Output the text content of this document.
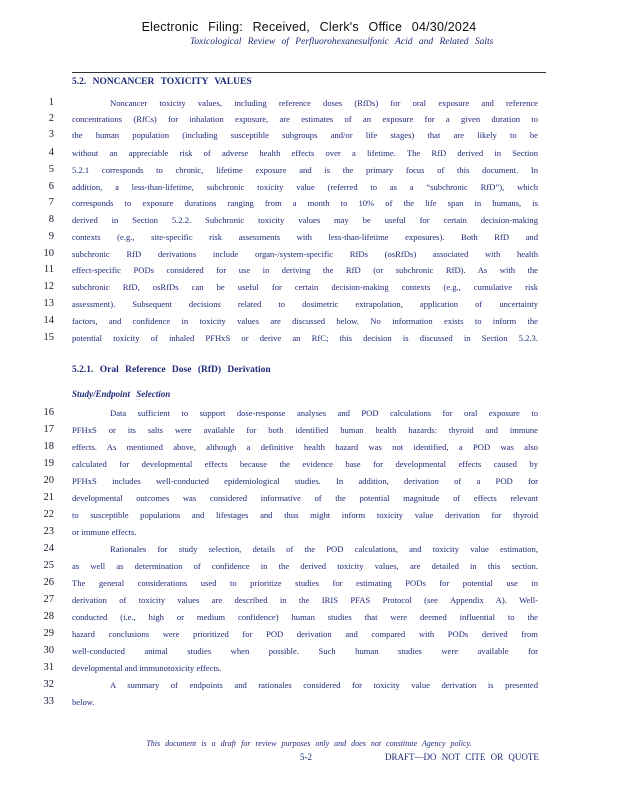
Electronic Filing: Received, Clerk's Office 04/30/2024
Toxicological Review of Perfluorohexanesulfonic Acid and Related Salts
5.2. NONCANCER TOXICITY VALUES
1	Noncancer toxicity values, including reference doses (RfDs) for oral exposure and reference
2 concentrations (RfCs) for inhalation exposure, are estimates of an exposure for a given duration to
3 the human population (including susceptible subgroups and/or life stages) that are likely to be
4 without an appreciable risk of adverse health effects over a lifetime. The RfD derived in Section
5 5.2.1 corresponds to chronic, lifetime exposure and is the primary focus of this document. In
6 addition, a less-than-lifetime, subchronic toxicity value (referred to as a “subchronic RfD”), which
7 corresponds to exposure durations ranging from a month to 10% of the life span in humans, is
8 derived in Section 5.2.2. Subchronic toxicity values may be useful for certain decision-making
9 contexts (e.g., site-specific risk assessments with less-than-lifetime exposures). Both RfD and
10 subchronic RfD derivations include organ-/system-specific RfDs (osRfDs) associated with health
11 effect-specific PODs considered for use in deriving the RfD (or subchronic RfD). As with the
12 subchronic RfD, osRfDs can be useful for certain decision-making contexts (e.g., cumulative risk
13 assessment). Subsequent decisions related to dosimetric extrapolation, application of uncertainty
14 factors, and confidence in toxicity values are discussed below. No information exists to inform the
15 potential toxicity of inhaled PFHxS or derive an RfC; this decision is discussed in Section 5.2.3.
5.2.1. Oral Reference Dose (RfD) Derivation
Study/Endpoint Selection
16	Data sufficient to support dose-response analyses and POD calculations for oral exposure to
17 PFHxS or its salts were available for both identified human health hazards: thyroid and immune
18 effects. As mentioned above, although a definitive health hazard was not identified, a POD was also
19 calculated for developmental effects because the evidence base for developmental effects caused by
20 PFHxS includes well-conducted epidemiological studies. In addition, derivation of a POD for
21 developmental outcomes was considered informative of the potential magnitude of effects relevant
22 to susceptible populations and lifestages and thus might inform toxicity value derivation for thyroid
23 or immune effects.
24	Rationales for study selection, details of the POD calculations, and toxicity value estimation,
25 as well as determination of confidence in the derived toxicity values, are detailed in this section.
26 The general considerations used to prioritize studies for estimating PODs for potential use in
27 derivation of toxicity values are described in the IRIS PFAS Protocol (see Appendix A). Well-
28 conducted (i.e., high or medium confidence) human studies that were deemed influential to the
29 hazard conclusions were prioritized for POD derivation and compared with PODs derived from
30 well-conducted animal studies when possible. Such human studies were available for
31 developmental and immunotoxicity effects.
32	A summary of endpoints and rationales considered for toxicity value derivation is presented
33 below.
This document is a draft for review purposes only and does not constitute Agency policy.
5-2	DRAFT—DO NOT CITE OR QUOTE
